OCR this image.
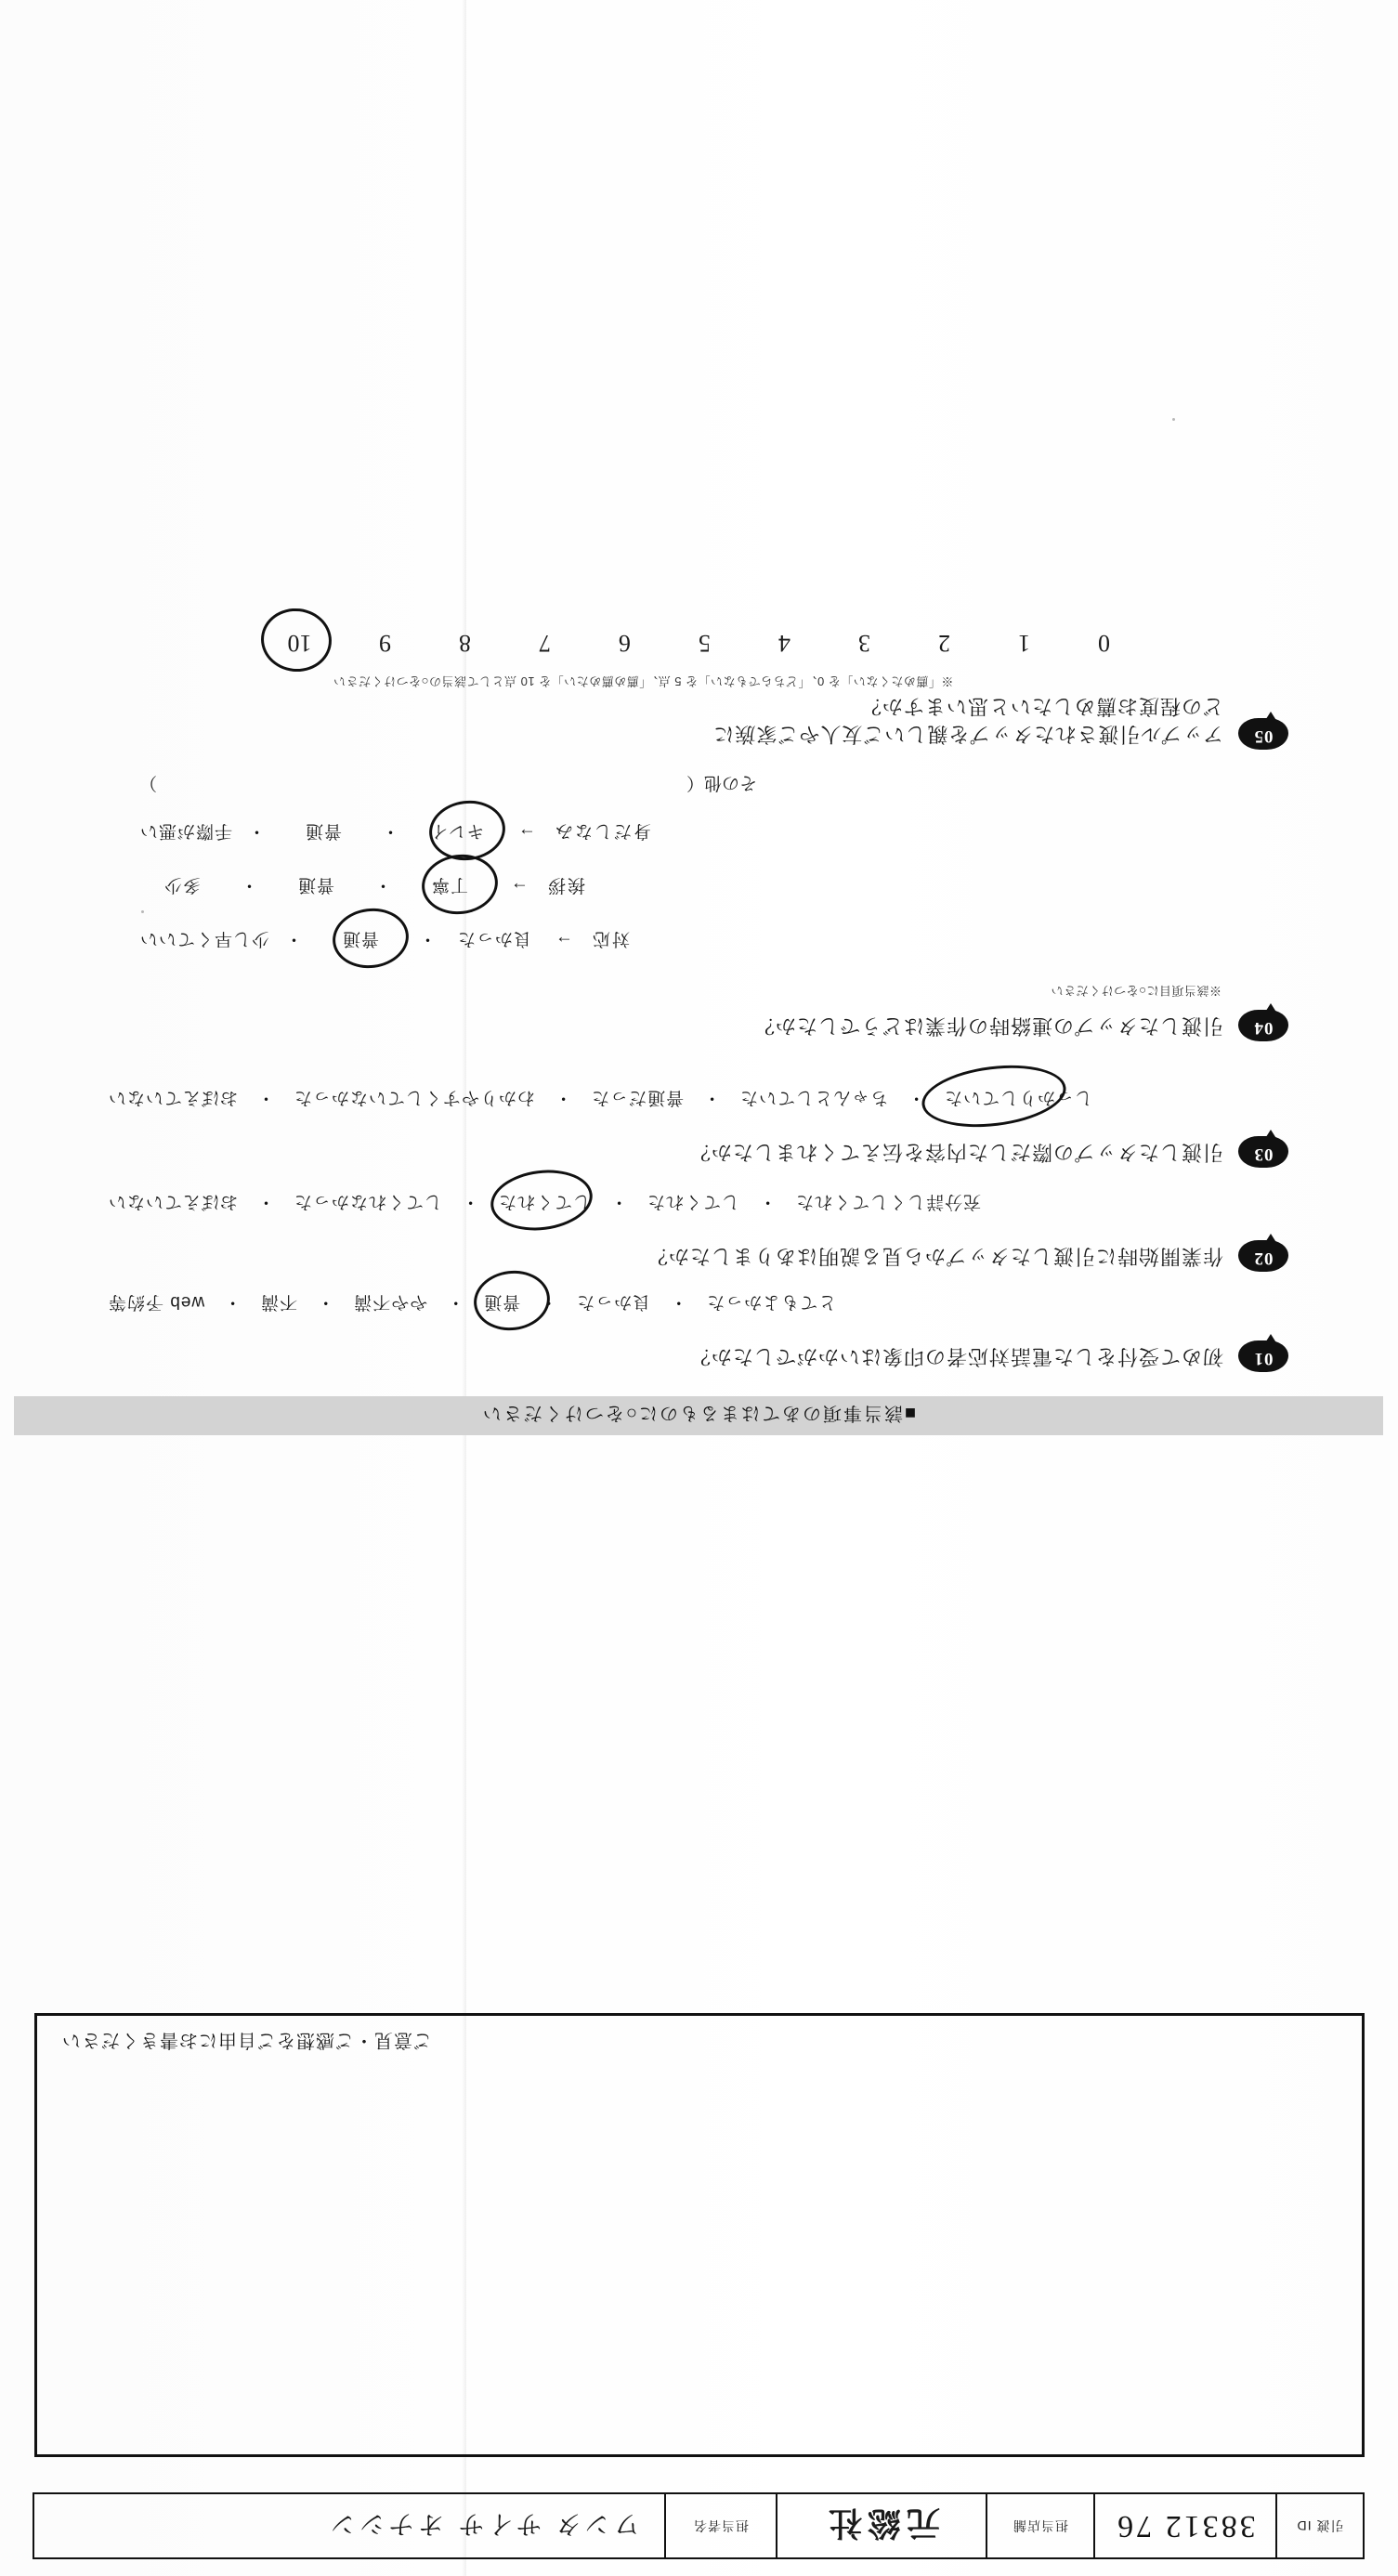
引渡 ID
38312 76
担当店舗
元総社
担当者名
ワンタ サイサ オナシン
ご意見・ご感想をご自由にお書きください
■該当事項のあてはまるものに○をつけください
01
初めて受付をした電話対応者の印象はいかがでしたか？
とてもよかった
・
良かった
・
普通
・
やや不満
・
不満
・
web 予約等
02
作業開始時に引渡したタップから見る説明はありましたか？
充分詳しくしてくれた
・
してくれた
・
してくれた
・
してくれなかった
・
おぼえていない
03
引渡したタップの際だした内容を伝えてくれましたか？
しっかりしていた
・
ちゃんとしていた
・
普通だった
・
わかりやすくしていなかった
・
おぼえていない
04
引渡したタップの連絡時の作業はどうでしたか？
※該当項目に○をつけください
対応
→
良かった
・
普通
・
少し早くていい
挨拶
→
丁寧
・
普通
・
多少
身だしなみ
→
キレイ
・
普通
・
手際が悪い
その他（
）
05
アップル引渡されたタップを親しいご友人やご家族に
どの程度お薦めしたいと思いますか？
※「薦めたくない」を 0、「どちらでもない」を 5 点、「薦め薦めたい」を 10 点として該当の○をつけください
0
1
2
3
4
5
6
7
8
9
10
